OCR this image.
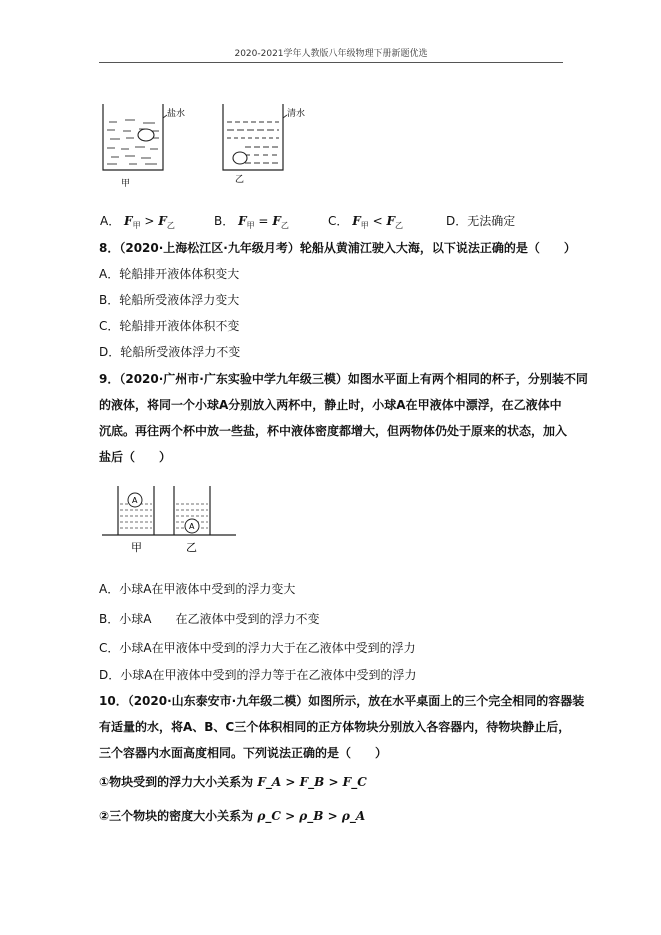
2020-2021学年人教版八年级物理下册新题优选
盐水
甲
清水
乙
A． $F_甲 > F_乙$	B． $F_甲 = F_乙$	C． $F_甲 < F_乙$	D．无法确定
8．（2020·上海松江区·九年级月考）轮船从黄浦江驶入大海，以下说法正确的是（　　）
A．轮船排开液体体积变大
B．轮船所受液体浮力变大
C．轮船排开液体体积不变
D．轮船所受液体浮力不变
9．（2020·广州市·广东实验中学九年级三模）如图水平面上有两个相同的杯子，分别装不同
的液体，将同一个小球A分别放入两杯中，静止时，小球A在甲液体中漂浮，在乙液体中
沉底。再往两个杯中放一些盐，杯中液体密度都增大，但两物体仍处于原来的状态，加入
盐后（　　）
A
A
甲	乙
A．小球A在甲液体中受到的浮力变大
B．小球A　　在乙液体中受到的浮力不变
C．小球A在甲液体中受到的浮力大于在乙液体中受到的浮力
D．小球A在甲液体中受到的浮力等于在乙液体中受到的浮力
10．（2020·山东泰安市·九年级二模）如图所示，放在水平桌面上的三个完全相同的容器装
有适量的水，将A、B、C三个体积相同的正方体物块分别放入各容器内，待物块静止后，
三个容器内水面高度相同。下列说法正确的是（　　）
①物块受到的浮力大小关系为 F_A > F_B > F_C
②三个物块的密度大小关系为 ρ_C > ρ_B > ρ_A
